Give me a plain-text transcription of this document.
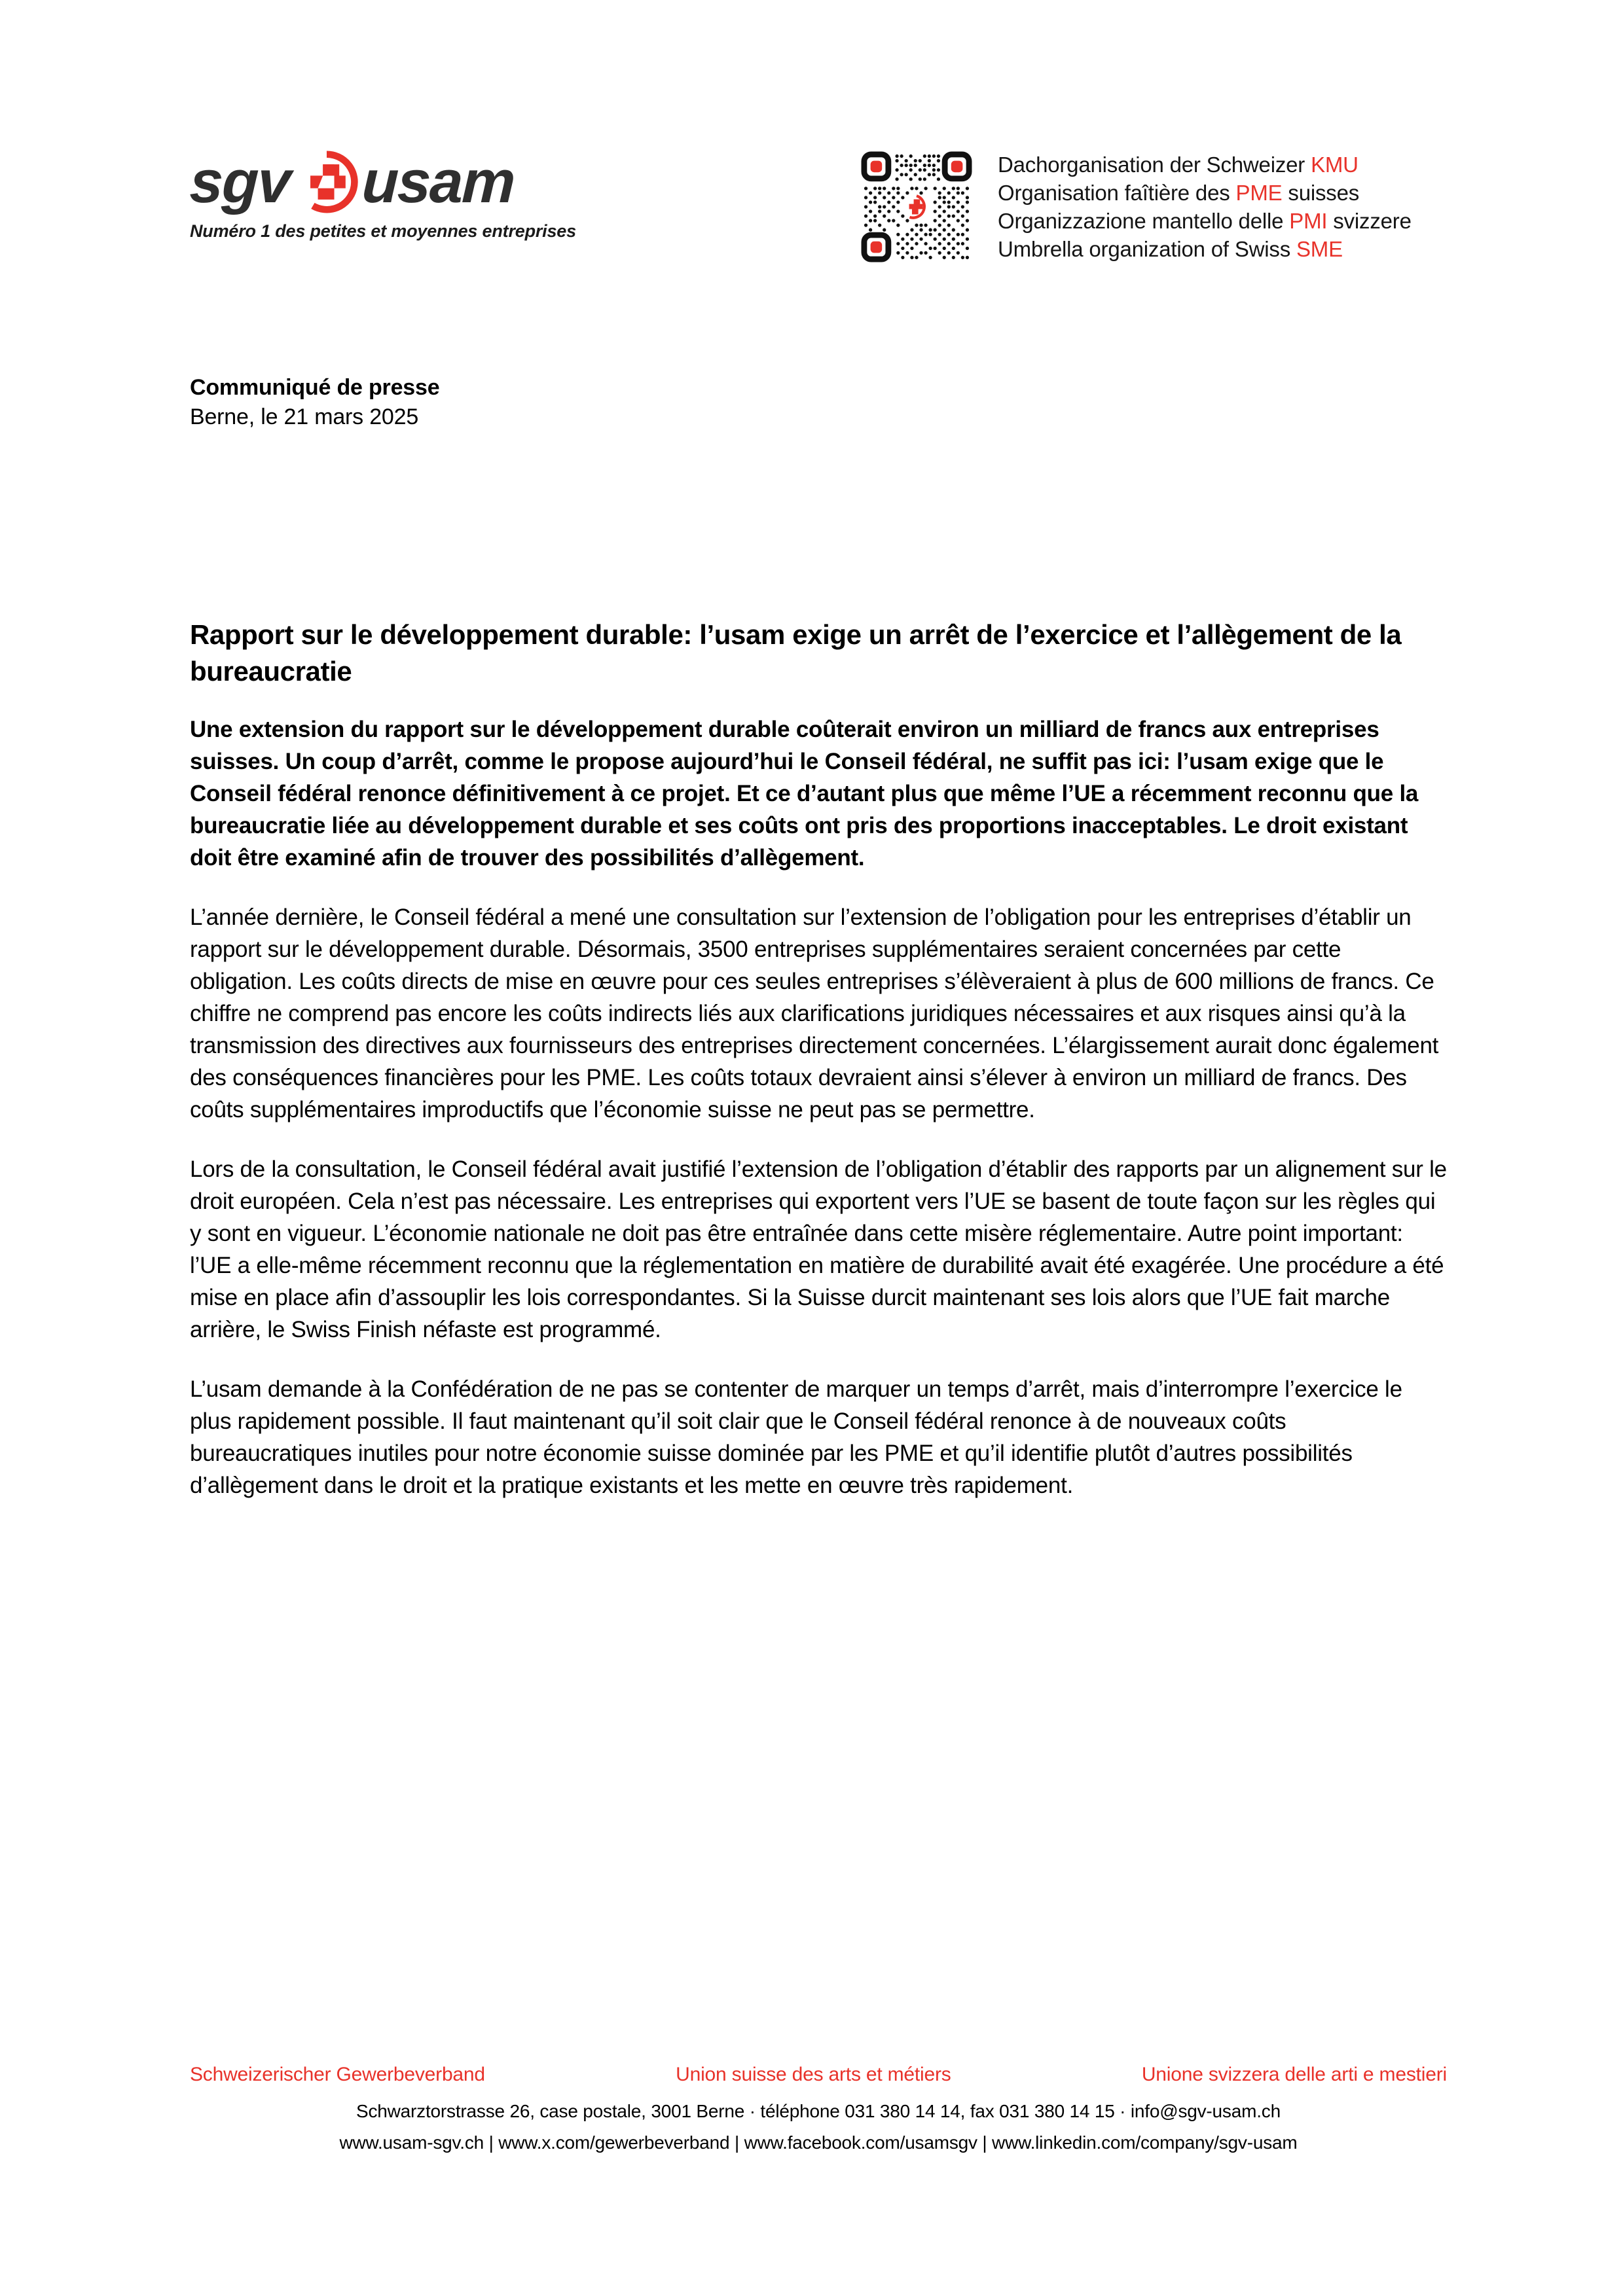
sgv usam
Numéro 1 des petites et moyennes entreprises
Dachorganisation der Schweizer KMU
Organisation faîtière des PME suisses
Organizzazione mantello delle PMI svizzere
Umbrella organization of Swiss SME
Communiqué de presse
Berne, le 21 mars 2025
Rapport sur le développement durable: l’usam exige un arrêt de l’exercice et l’allègement de la bureaucratie

Une extension du rapport sur le développement durable coûterait environ un milliard de francs aux entreprises suisses. Un coup d’arrêt, comme le propose aujourd’hui le Conseil fédéral, ne suffit pas ici: l’usam exige que le Conseil fédéral renonce définitivement à ce projet. Et ce d’autant plus que même l’UE a récemment reconnu que la bureaucratie liée au développement durable et ses coûts ont pris des proportions inacceptables. Le droit existant doit être examiné afin de trouver des possibilités d’allègement.

L’année dernière, le Conseil fédéral a mené une consultation sur l’extension de l’obligation pour les entreprises d’établir un rapport sur le développement durable. Désormais, 3500 entreprises supplémentaires seraient concernées par cette obligation. Les coûts directs de mise en œuvre pour ces seules entreprises s’élèveraient à plus de 600 millions de francs. Ce chiffre ne comprend pas encore les coûts indirects liés aux clarifications juridiques nécessaires et aux risques ainsi qu’à la transmission des directives aux fournisseurs des entreprises directement concernées. L’élargissement aurait donc également des conséquences financières pour les PME. Les coûts totaux devraient ainsi s’élever à environ un milliard de francs. Des coûts supplémentaires improductifs que l’économie suisse ne peut pas se permettre.

Lors de la consultation, le Conseil fédéral avait justifié l’extension de l’obligation d’établir des rapports par un alignement sur le droit européen. Cela n’est pas nécessaire. Les entreprises qui exportent vers l’UE se basent de toute façon sur les règles qui y sont en vigueur. L’économie nationale ne doit pas être entraînée dans cette misère réglementaire. Autre point important: l’UE a elle-même récemment reconnu que la réglementation en matière de durabilité avait été exagérée. Une procédure a été mise en place afin d’assouplir les lois correspondantes. Si la Suisse durcit maintenant ses lois alors que l’UE fait marche arrière, le Swiss Finish néfaste est programmé.

L’usam demande à la Confédération de ne pas se contenter de marquer un temps d’arrêt, mais d’interrompre l’exercice le plus rapidement possible. Il faut maintenant qu’il soit clair que le Conseil fédéral renonce à de nouveaux coûts bureaucratiques inutiles pour notre économie suisse dominée par les PME et qu’il identifie plutôt d’autres possibilités d’allègement dans le droit et la pratique existants et les mette en œuvre très rapidement.

Schweizerischer Gewerbeverband	Union suisse des arts et métiers	Unione svizzera delle arti e mestieri
Schwarztorstrasse 26, case postale, 3001 Berne · téléphone 031 380 14 14, fax 031 380 14 15 · info@sgv-usam.ch
www.usam-sgv.ch | www.x.com/gewerbeverband | www.facebook.com/usamsgv | www.linkedin.com/company/sgv-usam
